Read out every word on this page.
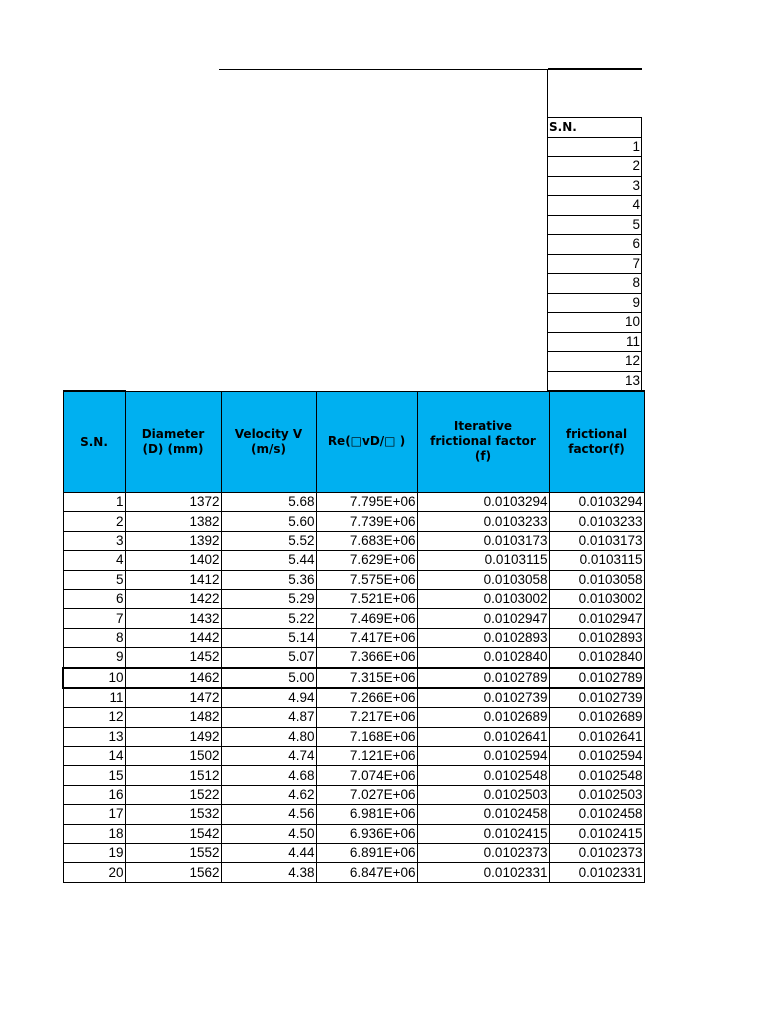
S.N.
1
2
3
4
5
6
7
8
9
10
11
12
13
S.N.	Diameter (D) (mm)	Velocity V (m/s)	Re(□vD/□ )	Iterative frictional factor (f)	frictional factor(f)
1	1372	5.68	7.795E+06	0.0103294	0.0103294
2	1382	5.60	7.739E+06	0.0103233	0.0103233
3	1392	5.52	7.683E+06	0.0103173	0.0103173
4	1402	5.44	7.629E+06	0.0103115	0.0103115
5	1412	5.36	7.575E+06	0.0103058	0.0103058
6	1422	5.29	7.521E+06	0.0103002	0.0103002
7	1432	5.22	7.469E+06	0.0102947	0.0102947
8	1442	5.14	7.417E+06	0.0102893	0.0102893
9	1452	5.07	7.366E+06	0.0102840	0.0102840
10	1462	5.00	7.315E+06	0.0102789	0.0102789
11	1472	4.94	7.266E+06	0.0102739	0.0102739
12	1482	4.87	7.217E+06	0.0102689	0.0102689
13	1492	4.80	7.168E+06	0.0102641	0.0102641
14	1502	4.74	7.121E+06	0.0102594	0.0102594
15	1512	4.68	7.074E+06	0.0102548	0.0102548
16	1522	4.62	7.027E+06	0.0102503	0.0102503
17	1532	4.56	6.981E+06	0.0102458	0.0102458
18	1542	4.50	6.936E+06	0.0102415	0.0102415
19	1552	4.44	6.891E+06	0.0102373	0.0102373
20	1562	4.38	6.847E+06	0.0102331	0.0102331
